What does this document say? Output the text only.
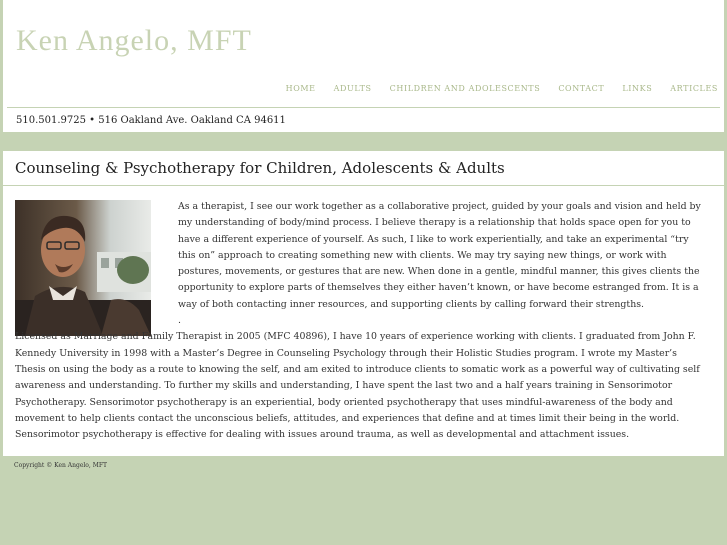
Ken Angelo, MFT
HOME ADULTS CHILDREN AND ADOLESCENTS CONTACT LINKS ARTICLES
510.501.9725 • 516 Oakland Ave. Oakland CA 94611
Counseling & Psychotherapy for Children, Adolescents & Adults

As a therapist, I see our work together as a collaborative project, guided by your goals and vision and held by my understanding of body/mind process. I believe therapy is a relationship that holds space open for you to have a different experience of yourself. As such, I like to work experientially, and take an experimental “try this on” approach to creating something new with clients. We may try saying new things, or work with postures, movements, or gestures that are new. When done in a gentle, mindful manner, this gives clients the opportunity to explore parts of themselves they either haven’t known, or have become estranged from. It is a way of both contacting inner resources, and supporting clients by calling forward their strengths.

.

Licensed as Marriage and Family Therapist in 2005 (MFC 40896), I have 10 years of experience working with clients. I graduated from John F. Kennedy University in 1998 with a Master’s Degree in Counseling Psychology through their Holistic Studies program. I wrote my Master’s Thesis on using the body as a route to knowing the self, and am exited to introduce clients to somatic work as a powerful way of cultivating self awareness and understanding. To further my skills and understanding, I have spent the last two and a half years training in Sensorimotor Psychotherapy. Sensorimotor psychotherapy is an experiential, body oriented psychotherapy that uses mindful-awareness of the body and movement to help clients contact the unconscious beliefs, attitudes, and experiences that define and at times limit their being in the world. Sensorimotor psychotherapy is effective for dealing with issues around trauma, as well as developmental and attachment issues.

Copyright © Ken Angelo, MFT
